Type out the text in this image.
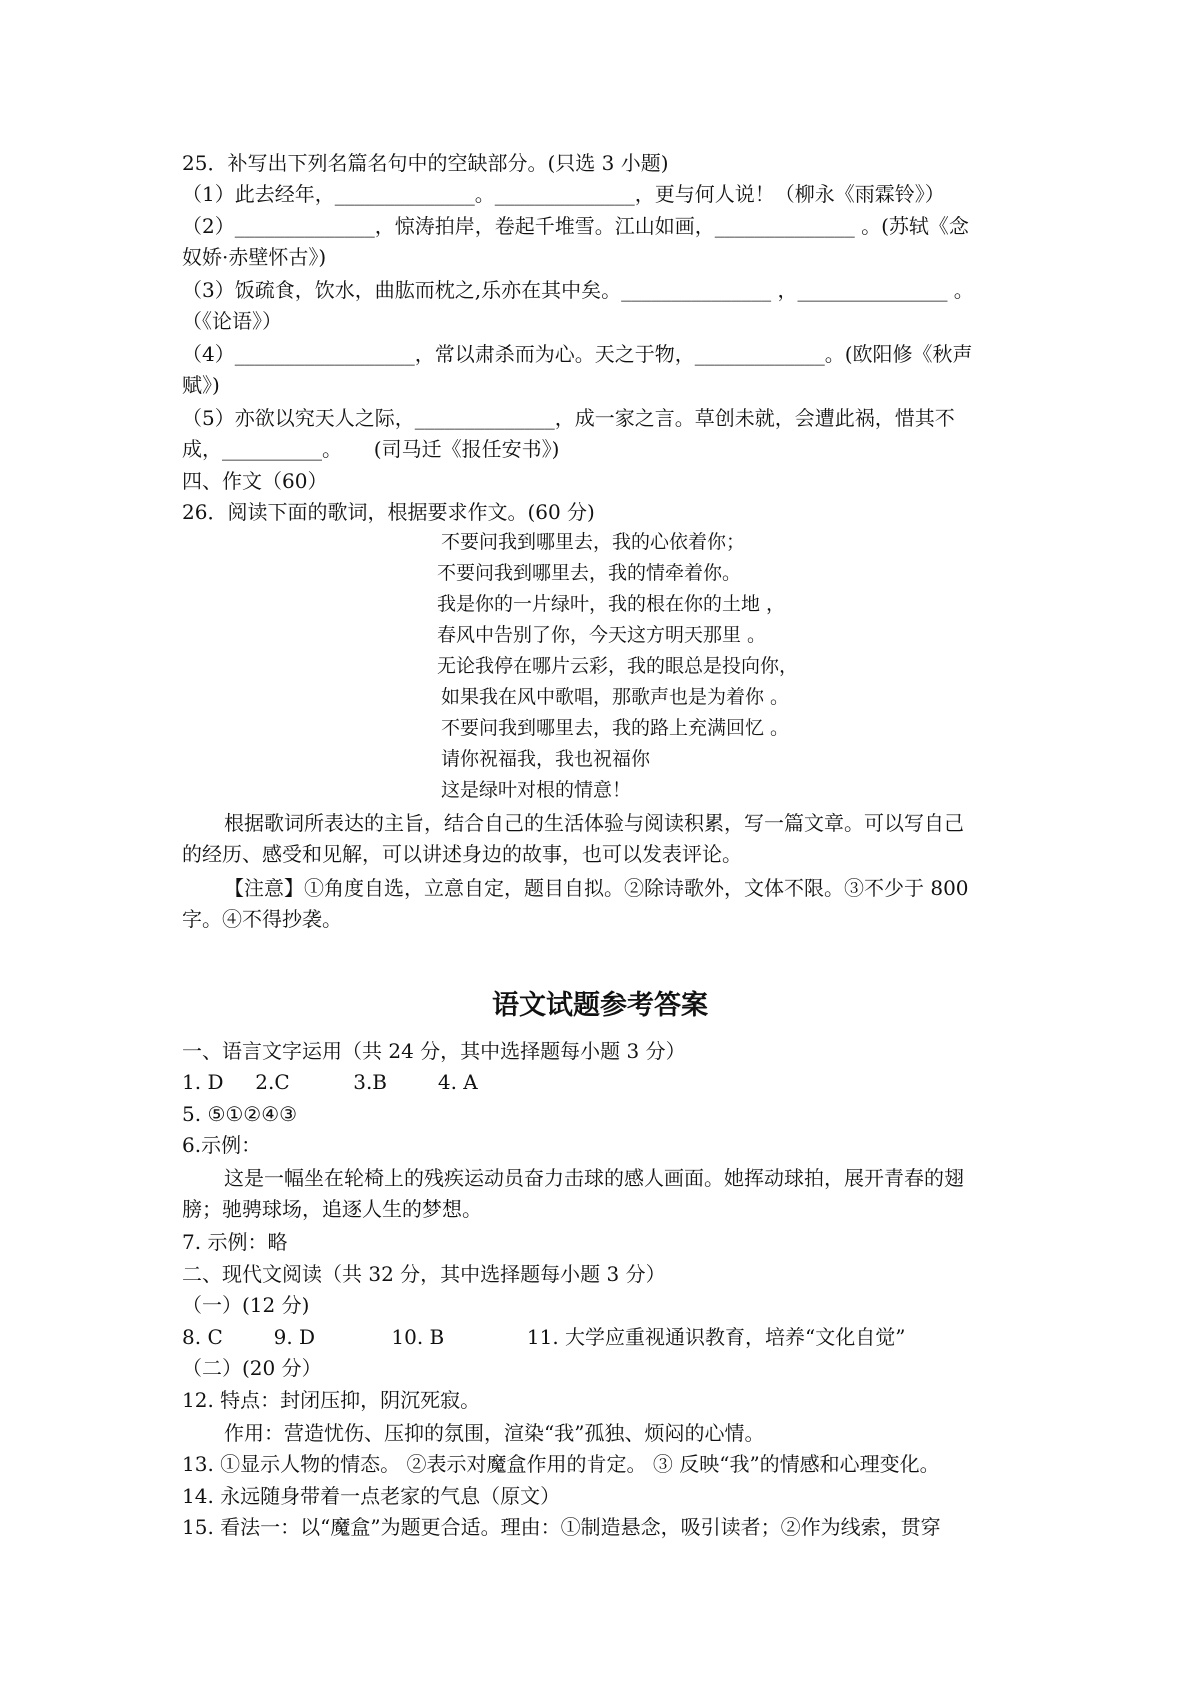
25．补写出下列名篇名句中的空缺部分。(只选 3 小题)
（1）此去经年，______________。______________，更与何人说！（柳永《雨霖铃》）
（2）______________，惊涛拍岸，卷起千堆雪。江山如画，______________ 。(苏轼《念
奴娇·赤壁怀古》)
（3）饭疏食，饮水，曲肱而枕之,乐亦在其中矣。_______________ ，_______________ 。
（《论语》）
（4）__________________，常以肃杀而为心。天之于物，_____________。(欧阳修《秋声
赋》)
（5）亦欲以究天人之际，______________，成一家之言。草创未就，会遭此祸，惜其不
成，__________。     (司马迁《报任安书》)
四、作文（60）
26．阅读下面的歌词，根据要求作文。(60 分)
不要问我到哪里去，我的心依着你；
不要问我到哪里去，我的情牵着你。
我是你的一片绿叶，我的根在你的土地 ，
春风中告别了你，今天这方明天那里 。
无论我停在哪片云彩，我的眼总是投向你，
如果我在风中歌唱，那歌声也是为着你 。
不要问我到哪里去，我的路上充满回忆 。
请你祝福我，我也祝福你
这是绿叶对根的情意！
根据歌词所表达的主旨，结合自己的生活体验与阅读积累，写一篇文章。可以写自己
的经历、感受和见解，可以讲述身边的故事，也可以发表评论。
【注意】①角度自选，立意自定，题目自拟。②除诗歌外，文体不限。③不少于 800
字。④不得抄袭。
语文试题参考答案
一、语言文字运用（共 24 分，其中选择题每小题 3 分）
1. D     2.C          3.B        4. A
5. ⑤①②④③
6.示例：
这是一幅坐在轮椅上的残疾运动员奋力击球的感人画面。她挥动球拍，展开青春的翅
膀；驰骋球场，追逐人生的梦想。
7. 示例：略
二、现代文阅读（共 32 分，其中选择题每小题 3 分）
（一）(12 分)
8. C        9. D            10. B             11. 大学应重视通识教育，培养“文化自觉”
（二）(20 分）
12. 特点：封闭压抑，阴沉死寂。
作用：营造忧伤、压抑的氛围，渲染“我”孤独、烦闷的心情。
13. ①显示人物的情态。 ②表示对魔盒作用的肯定。 ③ 反映“我”的情感和心理变化。
14. 永远随身带着一点老家的气息（原文）
15. 看法一：以“魔盒”为题更合适。理由：①制造悬念，吸引读者；②作为线索，贯穿
